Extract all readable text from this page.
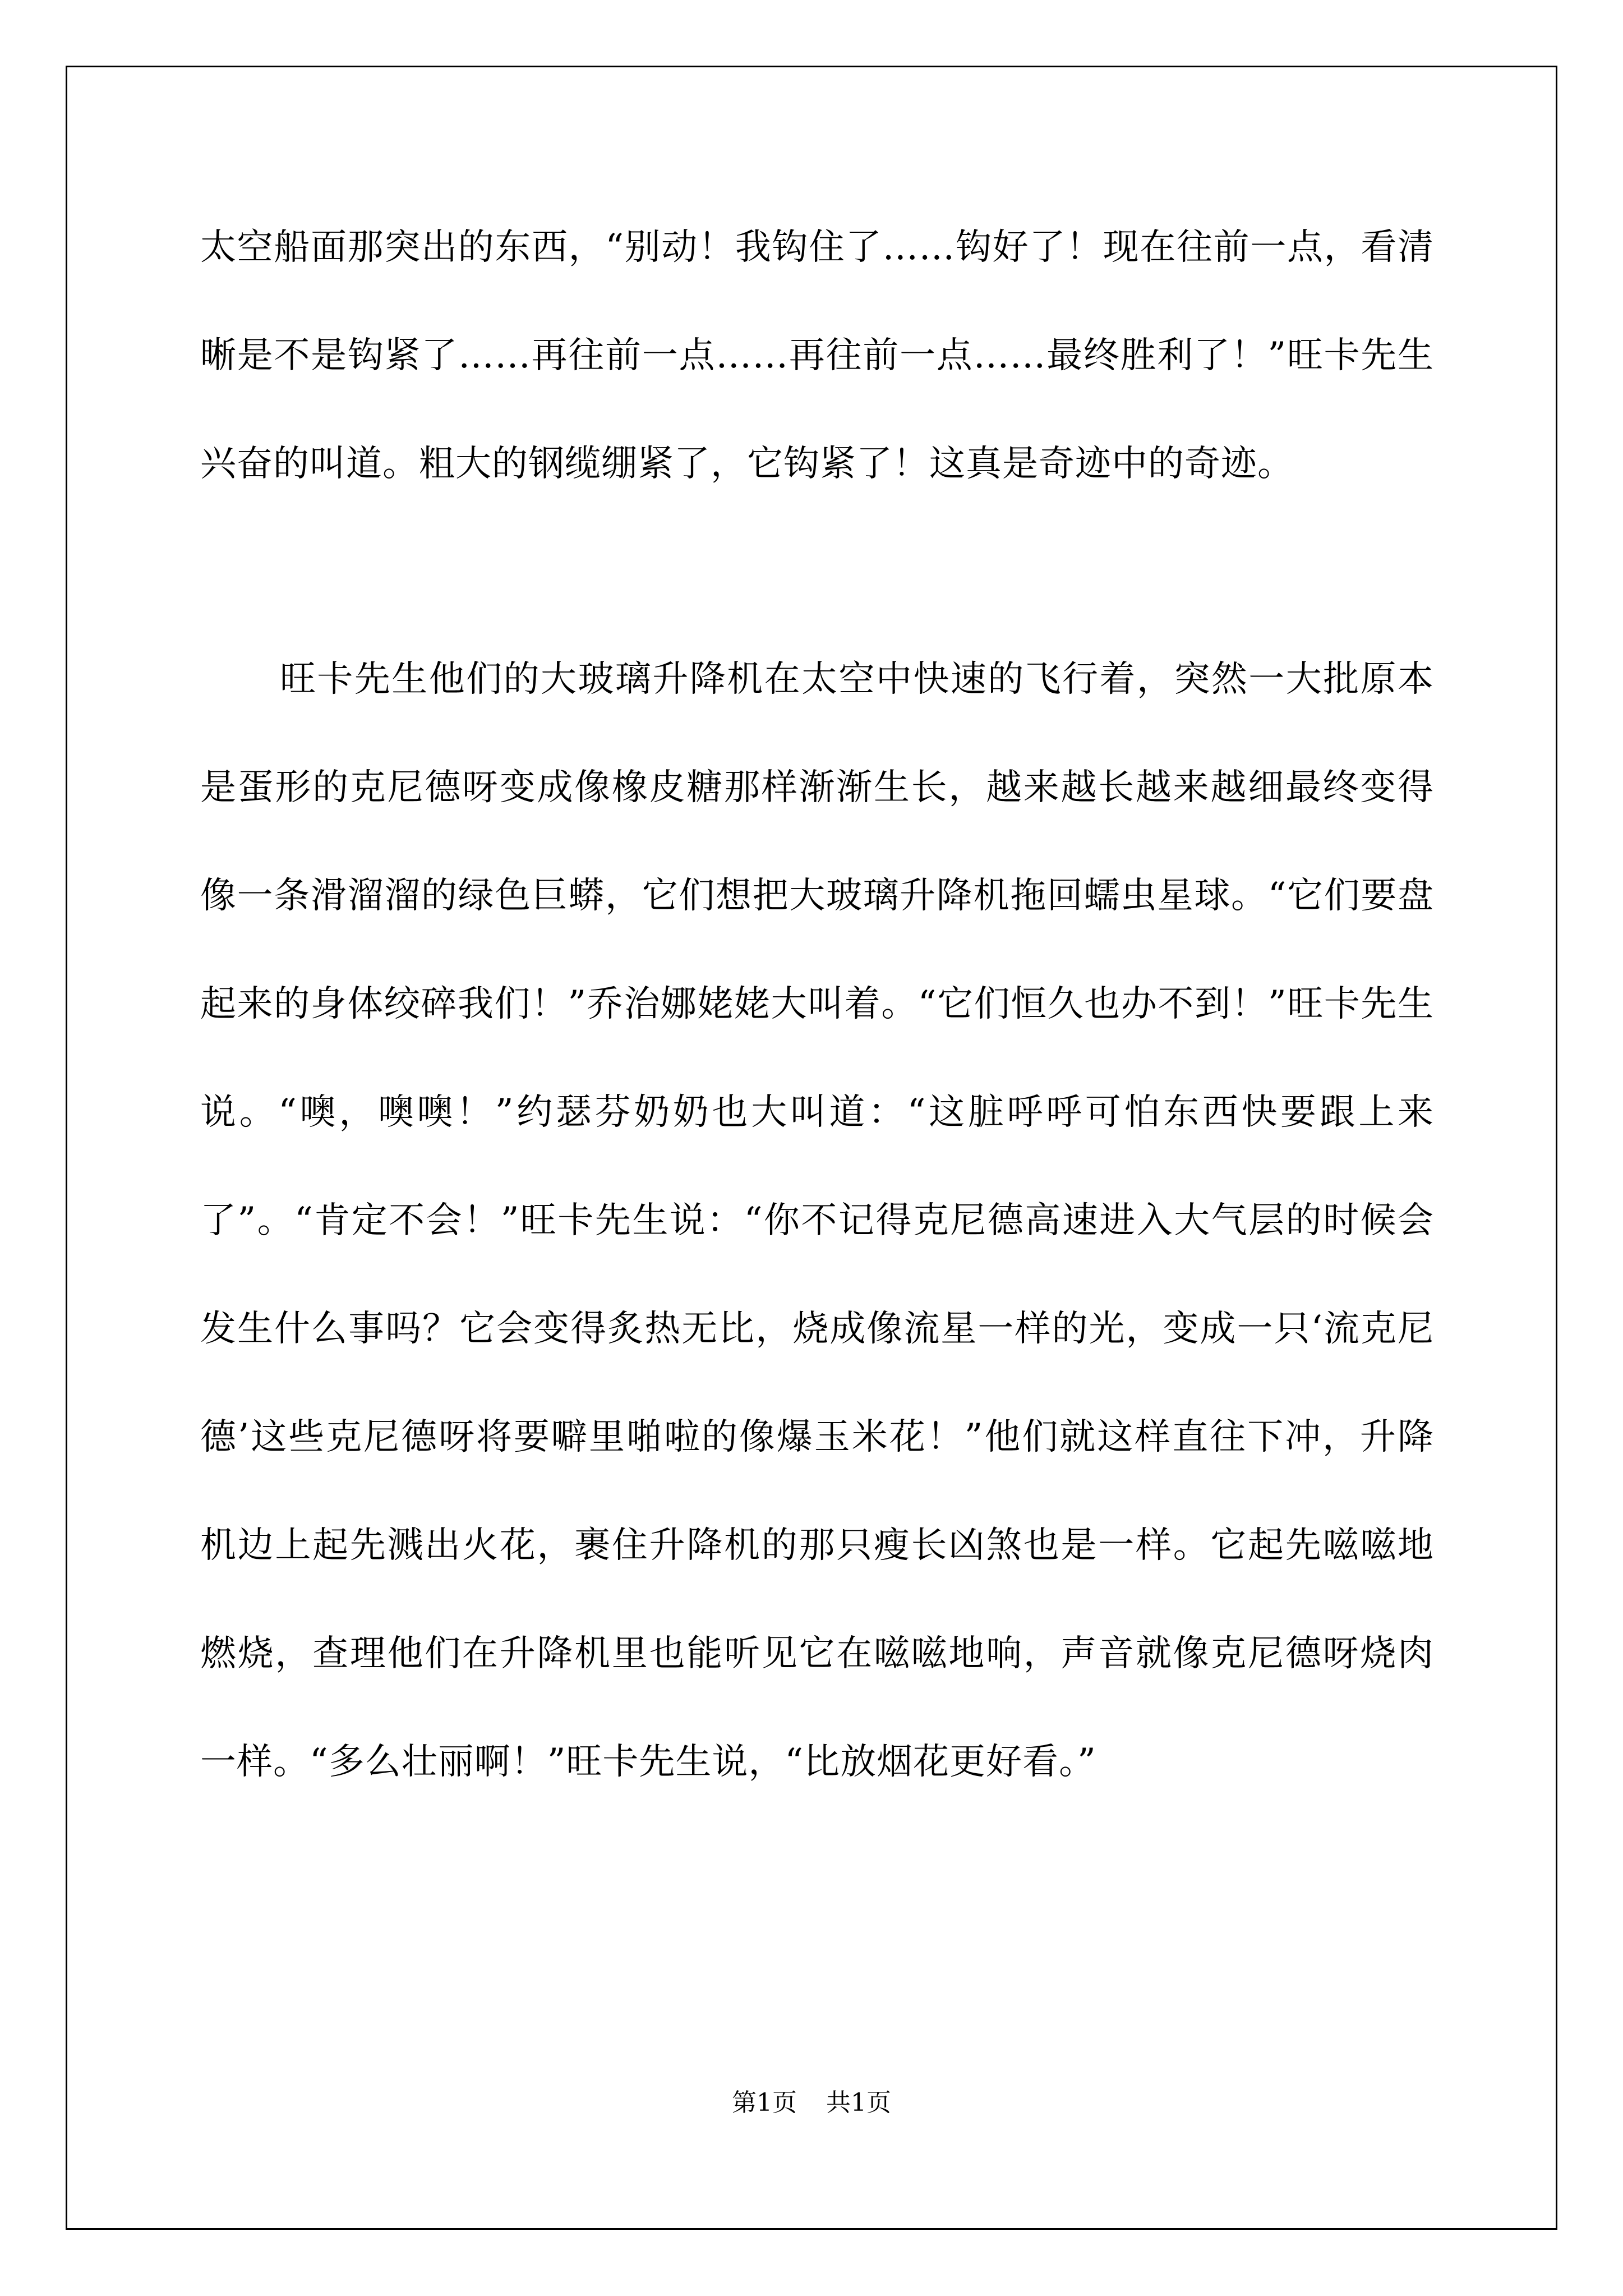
太空船面那突出的东西，“别动！我钩住了……钩好了！现在往前一点，看清晰是不是钩紧了……再往前一点……再往前一点……最终胜利了！”旺卡先生兴奋的叫道。粗大的钢缆绷紧了，它钩紧了！这真是奇迹中的奇迹。

旺卡先生他们的大玻璃升降机在太空中快速的飞行着，突然一大批原本是蛋形的克尼德呀变成像橡皮糖那样渐渐生长，越来越长越来越细最终变得像一条滑溜溜的绿色巨蟒，它们想把大玻璃升降机拖回蠕虫星球。“它们要盘起来的身体绞碎我们！”乔治娜姥姥大叫着。“它们恒久也办不到！”旺卡先生说。“噢，噢噢！”约瑟芬奶奶也大叫道：“这脏呼呼可怕东西快要跟上来了”。“肯定不会！”旺卡先生说：“你不记得克尼德高速进入大气层的时候会发生什么事吗？它会变得炙热无比，烧成像流星一样的光，变成一只‘流克尼德’这些克尼德呀将要噼里啪啦的像爆玉米花！”他们就这样直往下冲，升降机边上起先溅出火花，裹住升降机的那只瘦长凶煞也是一样。它起先嗞嗞地燃烧，查理他们在升降机里也能听见它在嗞嗞地响，声音就像克尼德呀烧肉一样。“多么壮丽啊！”旺卡先生说，“比放烟花更好看。”

第1页 共1页
